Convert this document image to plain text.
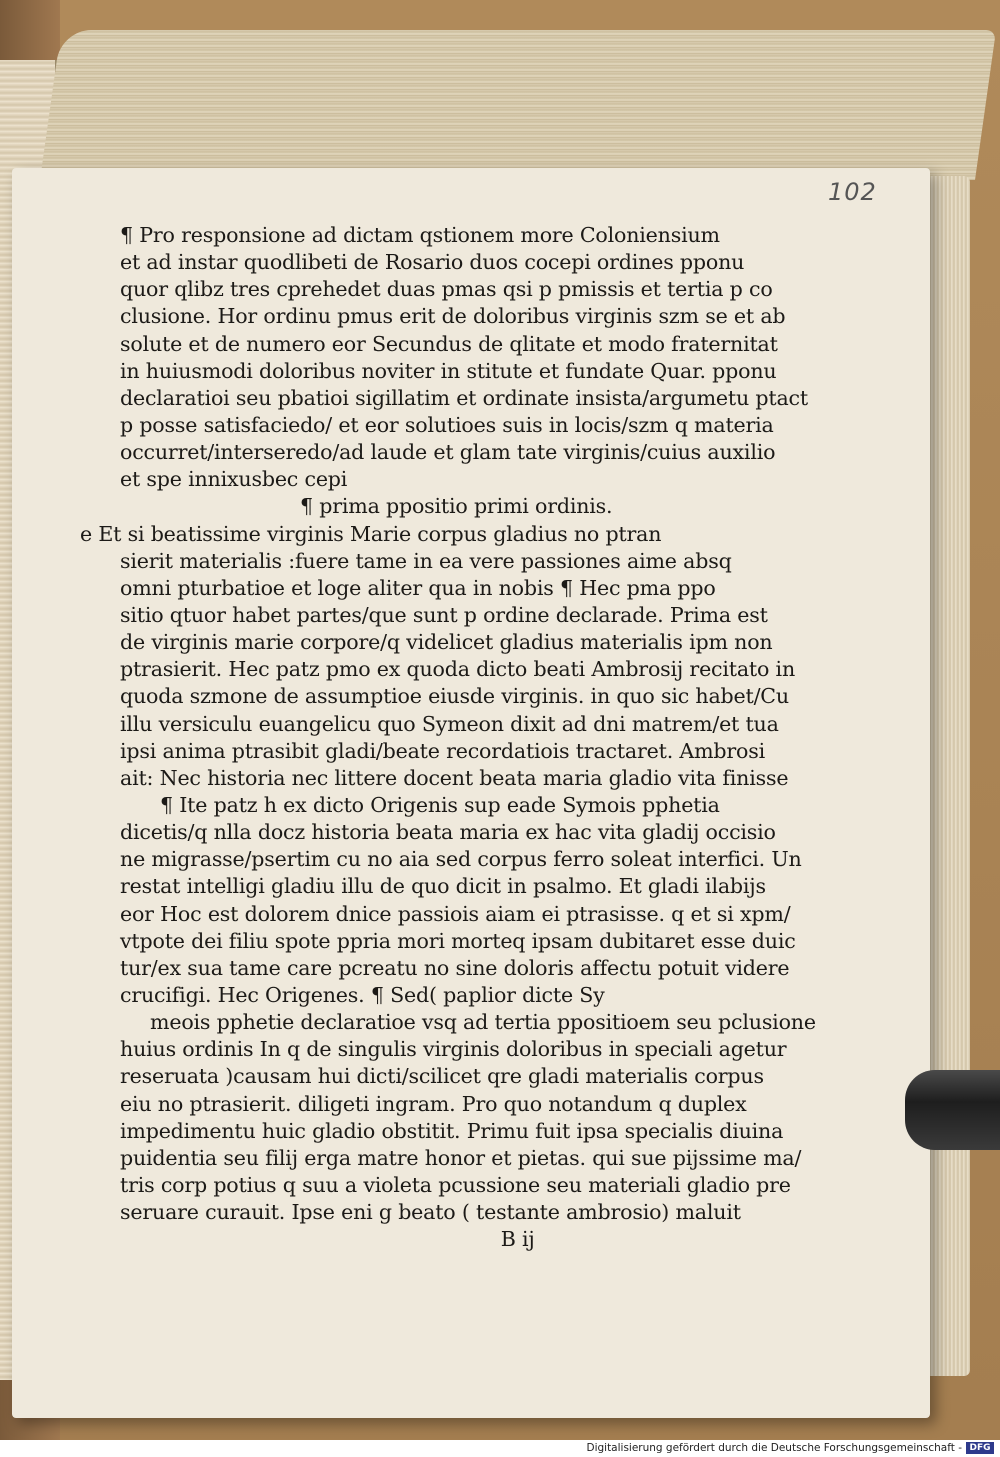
102
¶ Pro responsione ad dictam qstionem more Coloniensium
et ad instar quodlibeti de Rosario duos cocepi ordines pponu
quor qlibz tres cprehedet duas pmas qsi p pmissis et tertia p co
clusione. Hor ordinu pmus erit de doloribus virginis szm se et ab
solute et de numero eor Secundus de qlitate et modo fraternitat
in huiusmodi doloribus noviter in stitute et fundate Quar. pponu
declaratioi seu pbatioi sigillatim et ordinate insista/argumetu ptact
p posse satisfaciedo/ et eor solutioes suis in locis/szm q materia
occurret/interseredo/ad laude et glam tate virginis/cuius auxilio
et spe innixusbec cepi
¶ prima ppositio primi ordinis.
e Et si beatissime virginis Marie corpus gladius no ptran
sierit materialis :fuere tame in ea vere passiones aime absq
omni pturbatioe et loge aliter qua in nobis ¶ Hec pma ppo
sitio qtuor habet partes/que sunt p ordine declarade. Prima est
de virginis marie corpore/q videlicet gladius materialis ipm non
ptrasierit. Hec patz pmo ex quoda dicto beati Ambrosij recitato in
quoda szmone de assumptioe eiusde virginis. in quo sic habet/Cu
illu versiculu euangelicu quo Symeon dixit ad dni matrem/et tua
ipsi anima ptrasibit gladi/beate recordatiois tractaret. Ambrosi
ait: Nec historia nec littere docent beata maria gladio vita finisse
¶ Ite patz h ex dicto Origenis sup eade Symois pphetia
dicetis/q nlla docz historia beata maria ex hac vita gladij occisio
ne migrasse/psertim cu no aia sed corpus ferro soleat interfici. Un
restat intelligi gladiu illu de quo dicit in psalmo. Et gladi ilabijs
eor Hoc est dolorem dnice passiois aiam ei ptrasisse. q et si xpm/
vtpote dei filiu spote ppria mori morteq ipsam dubitaret esse duic
tur/ex sua tame care pcreatu no sine doloris affectu potuit videre
crucifigi. Hec Origenes. ¶ Sed( paplior dicte Sy
meois pphetie declaratioe vsq ad tertia ppositioem seu pclusione
huius ordinis In q de singulis virginis doloribus in speciali agetur
reseruata )causam hui dicti/scilicet qre gladi materialis corpus
eiu no ptrasierit. diligeti ingram. Pro quo notandum q duplex
impedimentu huic gladio obstitit. Primu fuit ipsa specialis diuina
puidentia seu filij erga matre honor et pietas. qui sue pijssime ma/
tris corp potius q suu a violeta pcussione seu materiali gladio pre
seruare curauit. Ipse eni g beato ( testante ambrosio) maluit
B ij
Digitalisierung gefördert durch die Deutsche Forschungsgemeinschaft - DFG
